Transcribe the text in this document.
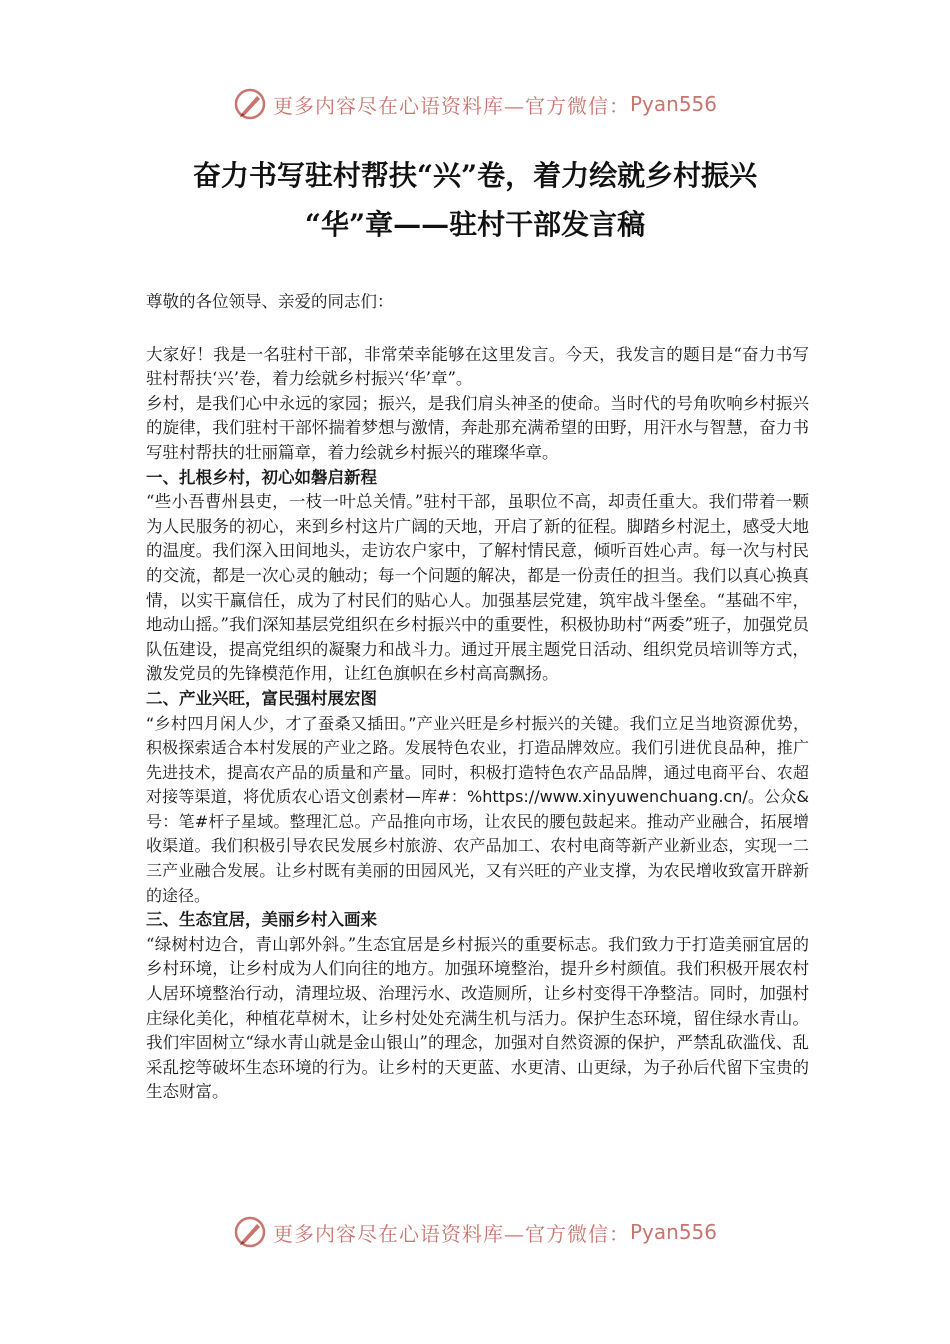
更多内容尽在心语资料库—官方微信： Pyan556
奋力书写驻村帮扶“兴”卷，着力绘就乡村振兴
“华”章——驻村干部发言稿

尊敬的各位领导、亲爱的同志们：

大家好！我是一名驻村干部，非常荣幸能够在这里发言。今天，我发言的题目是“奋力书写驻村帮扶‘兴’卷，着力绘就乡村振兴‘华’章”。

乡村，是我们心中永远的家园；振兴，是我们肩头神圣的使命。当时代的号角吹响乡村振兴的旋律，我们驻村干部怀揣着梦想与激情，奔赴那充满希望的田野，用汗水与智慧，奋力书写驻村帮扶的壮丽篇章，着力绘就乡村振兴的璀璨华章。

一、扎根乡村，初心如磐启新程

“些小吾曹州县吏，一枝一叶总关情。”驻村干部，虽职位不高，却责任重大。我们带着一颗为人民服务的初心，来到乡村这片广阔的天地，开启了新的征程。脚踏乡村泥土，感受大地的温度。我们深入田间地头，走访农户家中，了解村情民意，倾听百姓心声。每一次与村民的交流，都是一次心灵的触动；每一个问题的解决，都是一份责任的担当。我们以真心换真情，以实干赢信任，成为了村民们的贴心人。加强基层党建，筑牢战斗堡垒。“基础不牢，地动山摇。”我们深知基层党组织在乡村振兴中的重要性，积极协助村“两委”班子，加强党员队伍建设，提高党组织的凝聚力和战斗力。通过开展主题党日活动、组织党员培训等方式，激发党员的先锋模范作用，让红色旗帜在乡村高高飘扬。

二、产业兴旺，富民强村展宏图

“乡村四月闲人少，才了蚕桑又插田。”产业兴旺是乡村振兴的关键。我们立足当地资源优势，积极探索适合本村发展的产业之路。发展特色农业，打造品牌效应。我们引进优良品种，推广先进技术，提高农产品的质量和产量。同时，积极打造特色农产品品牌，通过电商平台、农超对接等渠道，将优质农心语文创素材—库#：%https://www.xinyuwenchuang.cn/。公众&号：笔#杆子星域。整理汇总。产品推向市场，让农民的腰包鼓起来。推动产业融合，拓展增收渠道。我们积极引导农民发展乡村旅游、农产品加工、农村电商等新产业新业态，实现一二三产业融合发展。让乡村既有美丽的田园风光，又有兴旺的产业支撑，为农民增收致富开辟新的途径。

三、生态宜居，美丽乡村入画来

“绿树村边合，青山郭外斜。”生态宜居是乡村振兴的重要标志。我们致力于打造美丽宜居的乡村环境，让乡村成为人们向往的地方。加强环境整治，提升乡村颜值。我们积极开展农村人居环境整治行动，清理垃圾、治理污水、改造厕所，让乡村变得干净整洁。同时，加强村庄绿化美化，种植花草树木，让乡村处处充满生机与活力。保护生态环境，留住绿水青山。我们牢固树立“绿水青山就是金山银山”的理念，加强对自然资源的保护，严禁乱砍滥伐、乱采乱挖等破坏生态环境的行为。让乡村的天更蓝、水更清、山更绿，为子孙后代留下宝贵的生态财富。

更多内容尽在心语资料库—官方微信： Pyan556
